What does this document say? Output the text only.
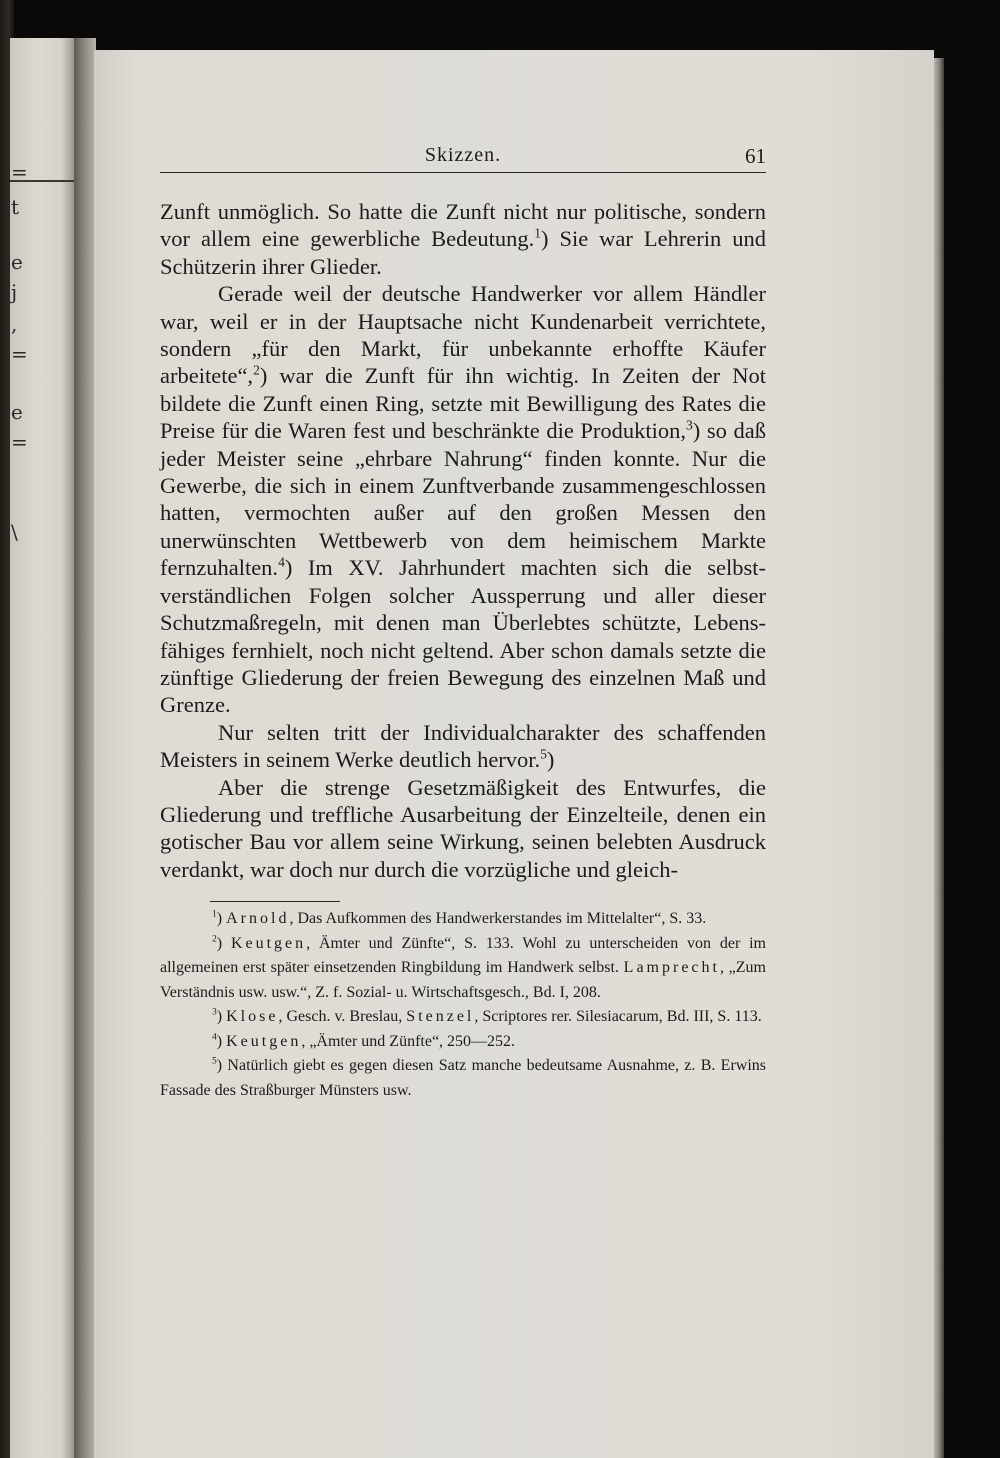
=
t
e
j
,
=
e
=
\
Skizzen.	61

Zunft unmöglich. So hatte die Zunft nicht nur politische, sondern vor allem eine gewerbliche Bedeutung.$^1$) Sie war Lehrerin und Schützerin ihrer Glieder.

Gerade weil der deutsche Handwerker vor allem Händler war, weil er in der Hauptsache nicht Kundenarbeit verrichtete, sondern „für den Markt, für unbekannte erhoffte Käufer arbeitete“,$^2$) war die Zunft für ihn wichtig. In Zeiten der Not bildete die Zunft einen Ring, setzte mit Bewilligung des Rates die Preise für die Waren fest und beschränkte die Produktion,$^3$) so daß jeder Meister seine „ehrbare Nahrung“ finden konnte. Nur die Gewerbe, die sich in einem Zunftverbande zusammengeschlossen hatten, vermochten außer auf den großen Messen den unerwünschten Wettbewerb von dem heimischem Markte fernzuhalten.$^4$) Im XV. Jahrhundert machten sich die selbstverständlichen Folgen solcher Aussperrung und aller dieser Schutzmaßregeln, mit denen man Überlebtes schützte, Lebensfähiges fernhielt, noch nicht geltend. Aber schon damals setzte die zünftige Gliederung der freien Bewegung des einzelnen Maß und Grenze.

Nur selten tritt der Individualcharakter des schaffenden Meisters in seinem Werke deutlich hervor.$^5$)

Aber die strenge Gesetzmäßigkeit des Entwurfes, die Gliederung und treffliche Ausarbeitung der Einzelteile, denen ein gotischer Bau vor allem seine Wirkung, seinen belebten Ausdruck verdankt, war doch nur durch die vorzügliche und gleich-

$^1$) Arnold, Das Aufkommen des Handwerkerstandes im Mittelalter“, S. 33.

$^2$) Keutgen, Ämter und Zünfte“, S. 133. Wohl zu unterscheiden von der im allgemeinen erst später einsetzenden Ringbildung im Handwerk selbst. Lamprecht, „Zum Verständnis usw. usw.“, Z. f. Sozial- u. Wirtschaftsgesch., Bd. I, 208.

$^3$) Klose, Gesch. v. Breslau, Stenzel, Scriptores rer. Silesiacarum, Bd. III, S. 113.

$^4$) Keutgen, „Ämter und Zünfte“, 250—252.

$^5$) Natürlich giebt es gegen diesen Satz manche bedeutsame Ausnahme, z. B. Erwins Fassade des Straßburger Münsters usw.
